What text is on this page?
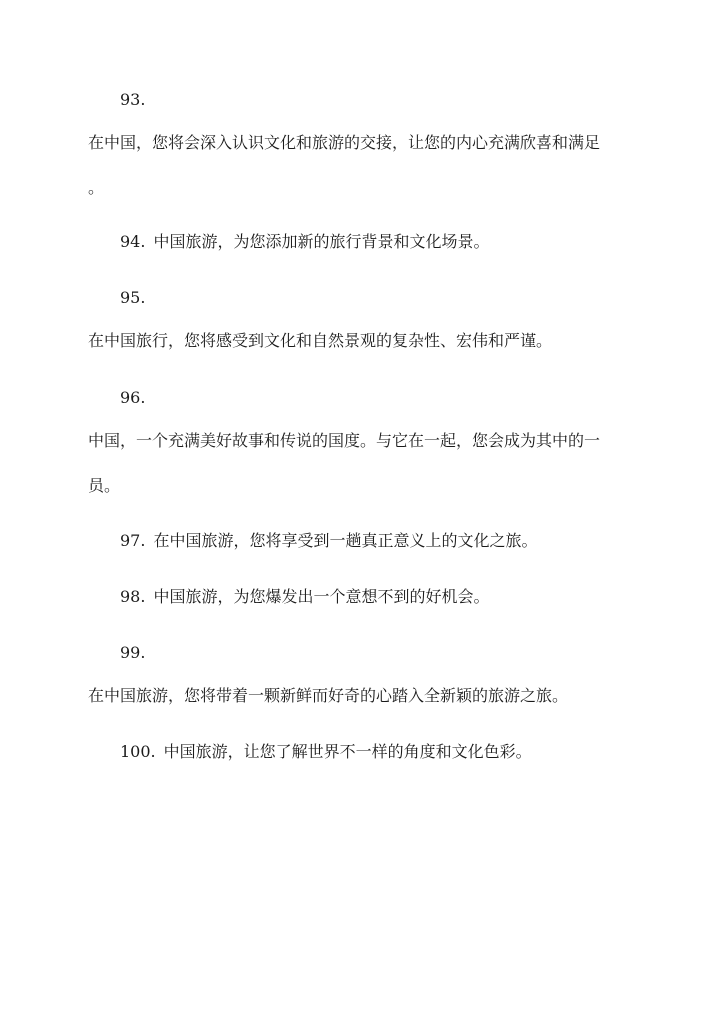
93.
在中国，您将会深入认识文化和旅游的交接，让您的内心充满欣喜和满足
。
94. 中国旅游，为您添加新的旅行背景和文化场景。
95.
在中国旅行，您将感受到文化和自然景观的复杂性、宏伟和严谨。
96.
中国，一个充满美好故事和传说的国度。与它在一起，您会成为其中的一
员。
97. 在中国旅游，您将享受到一趟真正意义上的文化之旅。
98. 中国旅游，为您爆发出一个意想不到的好机会。
99.
在中国旅游，您将带着一颗新鲜而好奇的心踏入全新颖的旅游之旅。
100. 中国旅游，让您了解世界不一样的角度和文化色彩。
